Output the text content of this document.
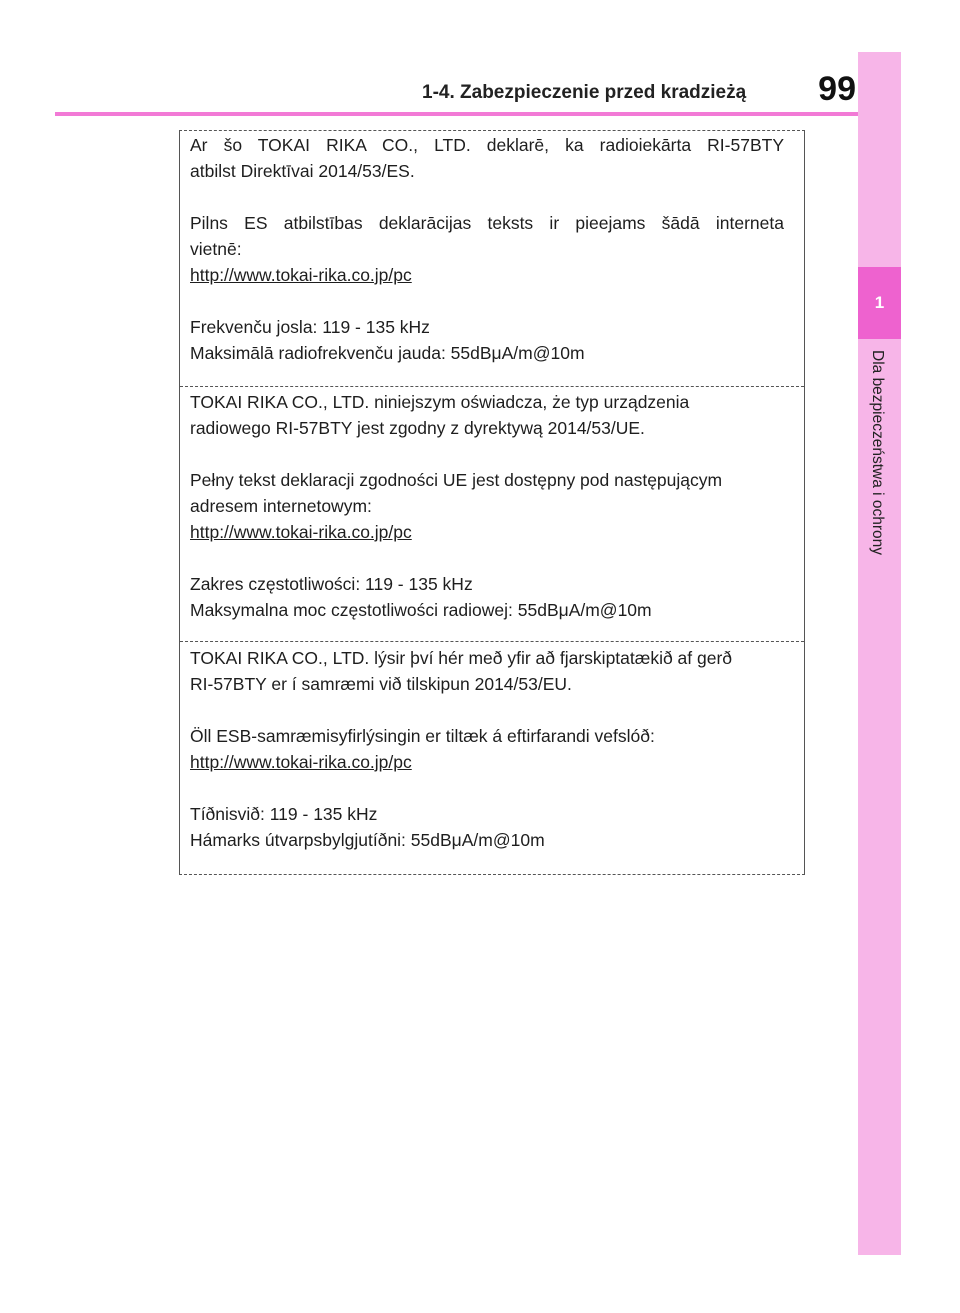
1-4. Zabezpieczenie przed kradzieżą	99
1
Dla bezpieczeństwa i ochrony

Ar šo TOKAI RIKA CO., LTD. deklarē, ka radioiekārta RI-57BTY

atbilst Direktīvai 2014/53/ES.

Pilns ES atbilstības deklarācijas teksts ir pieejams šādā interneta

vietnē:

http://www.tokai-rika.co.jp/pc

Frekvenču josla: 119 - 135 kHz

Maksimālā radiofrekvenču jauda: 55dBμA/m@10m

TOKAI RIKA CO., LTD. niniejszym oświadcza, że typ urządzenia

radiowego RI-57BTY jest zgodny z dyrektywą 2014/53/UE.

Pełny tekst deklaracji zgodności UE jest dostępny pod następującym

adresem internetowym:

http://www.tokai-rika.co.jp/pc

Zakres częstotliwości: 119 - 135 kHz

Maksymalna moc częstotliwości radiowej: 55dBμA/m@10m

TOKAI RIKA CO., LTD. lýsir því hér með yfir að fjarskiptatækið af gerð

RI-57BTY er í samræmi við tilskipun 2014/53/EU.

Öll ESB-samræmisyfirlýsingin er tiltæk á eftirfarandi vefslóð:

http://www.tokai-rika.co.jp/pc

Tíðnisvið: 119 - 135 kHz

Hámarks útvarpsbylgjutíðni: 55dBμA/m@10m
